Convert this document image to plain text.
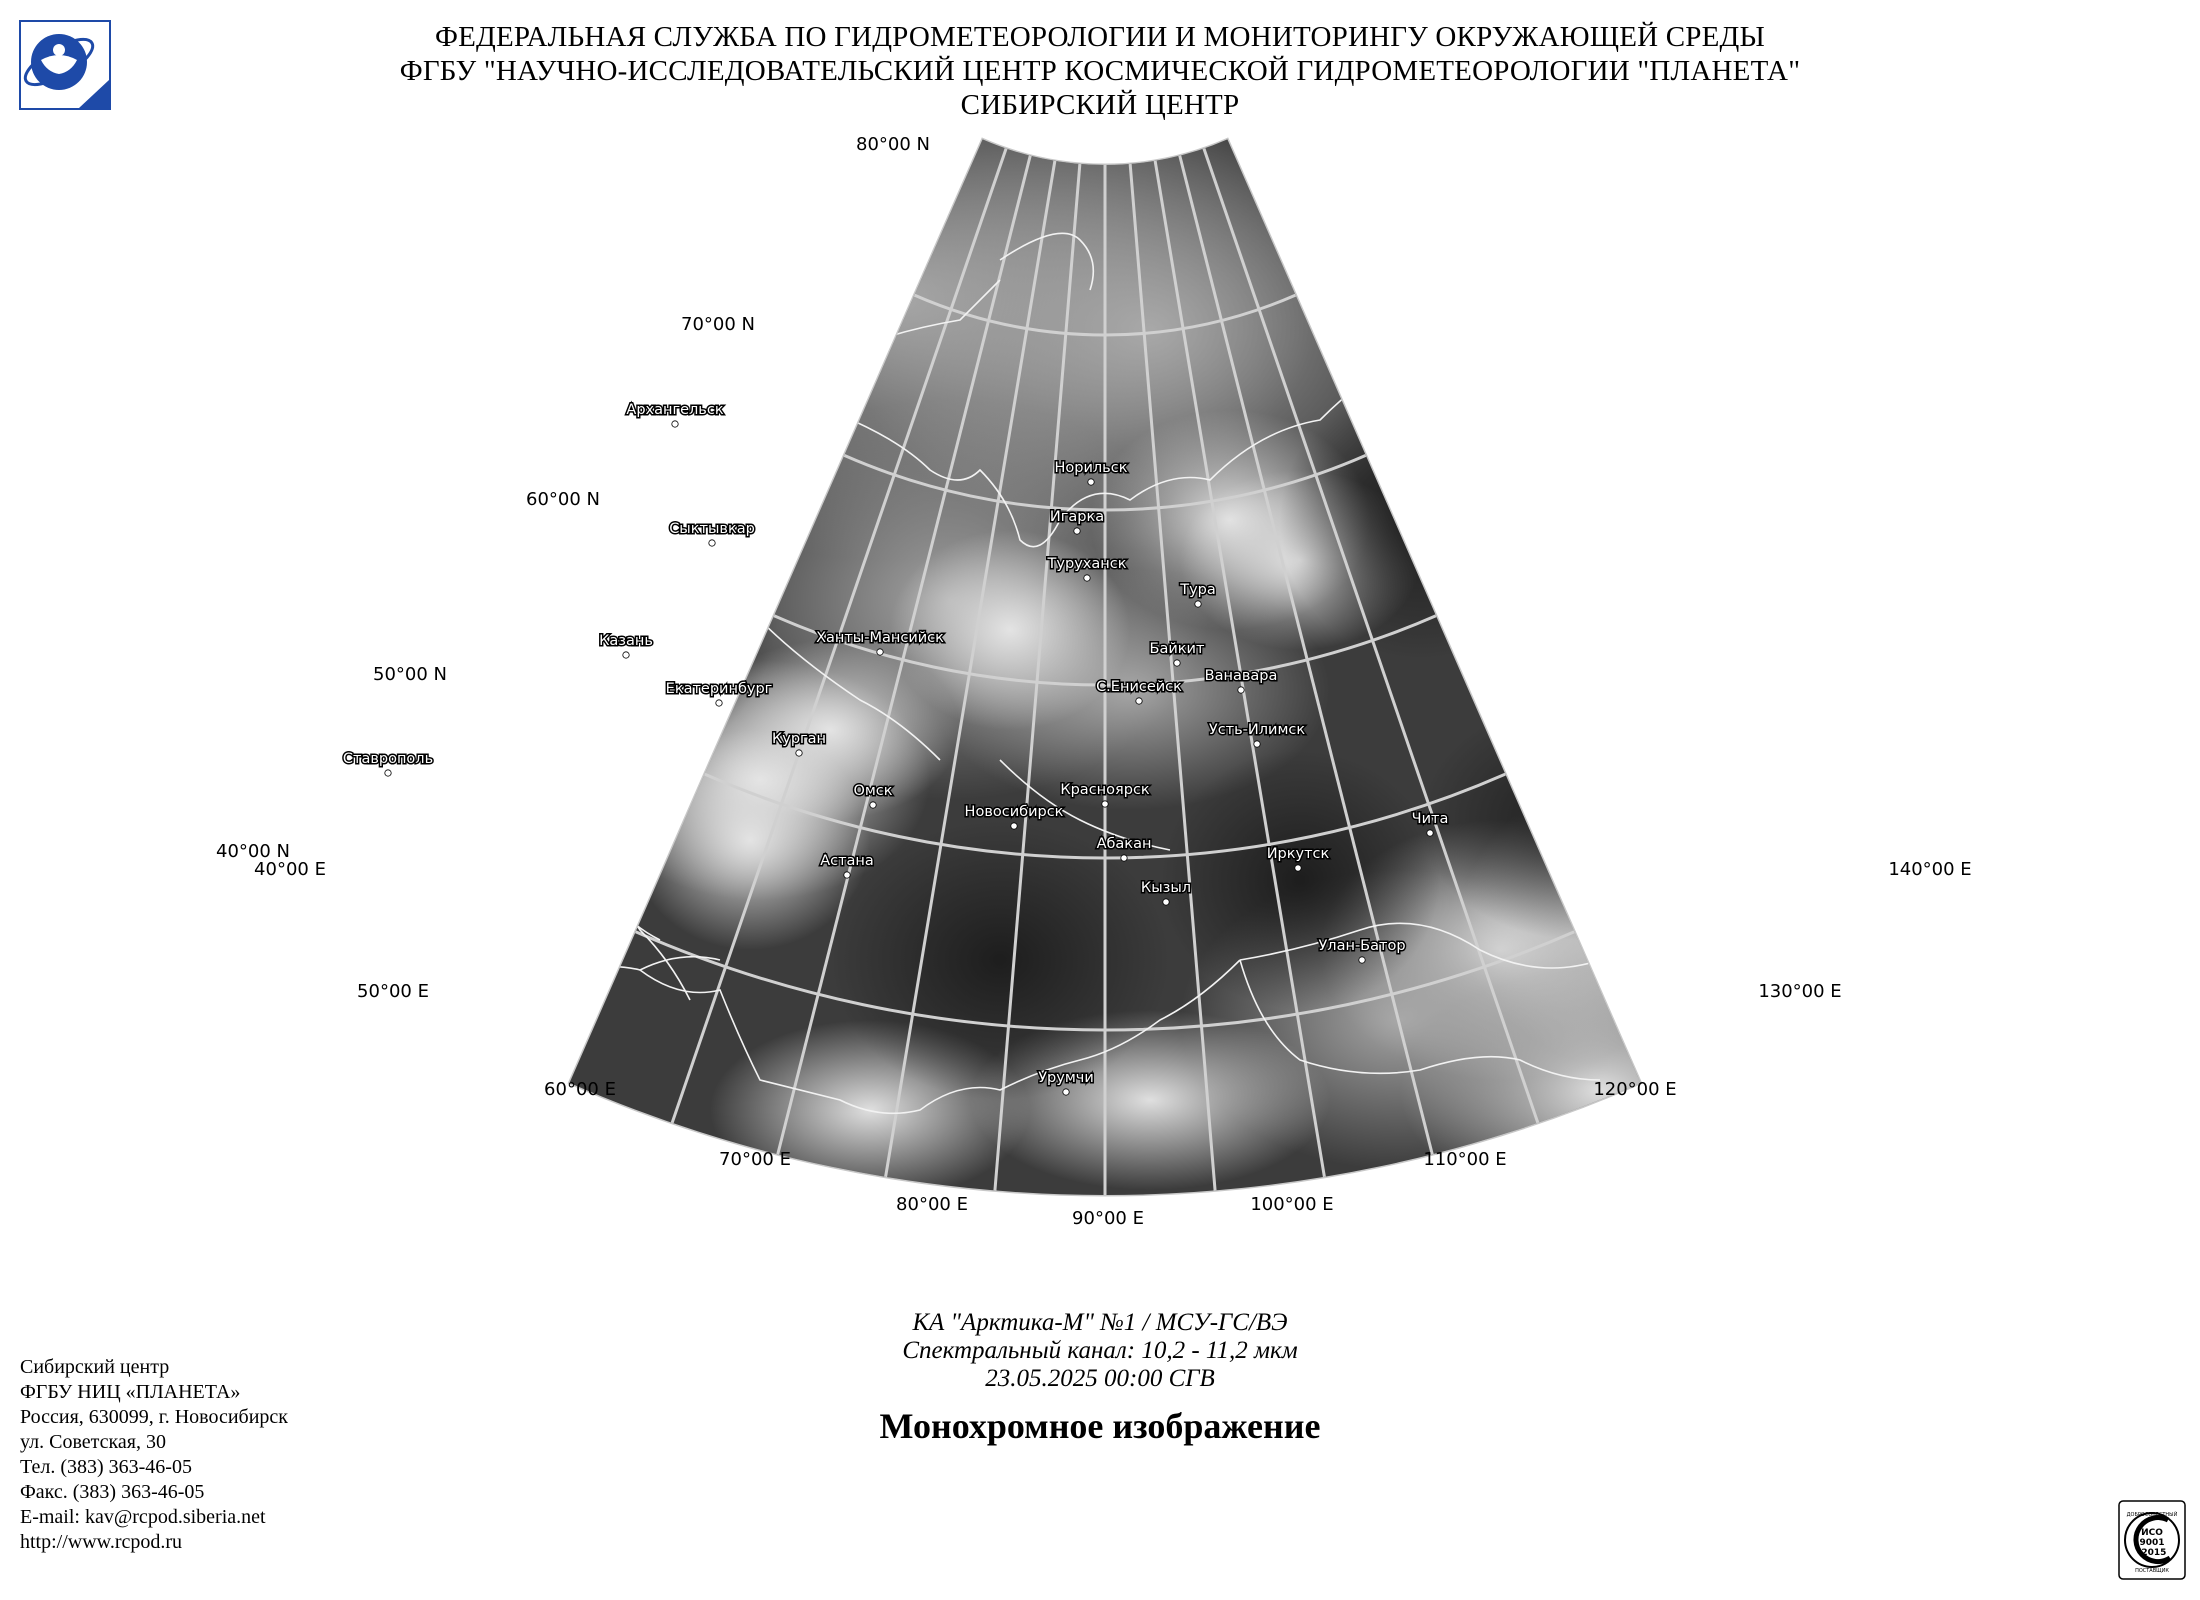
ФЕДЕРАЛЬНАЯ СЛУЖБА ПО ГИДРОМЕТЕОРОЛОГИИ И МОНИТОРИНГУ ОКРУЖАЮЩЕЙ СРЕДЫ
ФГБУ "НАУЧНО-ИССЛЕДОВАТЕЛЬСКИЙ ЦЕНТР КОСМИЧЕСКОЙ ГИДРОМЕТЕОРОЛОГИИ "ПЛАНЕТА"
СИБИРСКИЙ ЦЕНТР
80°00 N
70°00 N
60°00 N
50°00 N
40°00 N
40°00 E
50°00 E
60°00 E
70°00 E
80°00 E
90°00 E
100°00 E
110°00 E
120°00 E
130°00 E
140°00 E
Архангельск
Сыктывкар
Казань
Ставрополь
Екатеринбург
Ханты-Мансийск
Курган
Омск
Астана
Новосибирск
Норильск
Игарка
Туруханск
Тура
Байкит
С.Енисейск
Ванавара
Усть-Илимск
Красноярск
Абакан
Кызыл
Иркутск
Чита
Улан-Батор
Урумчи
КА "Арктика-М" №1 / МСУ-ГС/ВЭ
Спектральный канал: 10,2 - 11,2 мкм
23.05.2025 00:00 СГВ
Монохромное изображение
Сибирский центр
ФГБУ НИЦ «ПЛАНЕТА»
Россия, 630099, г. Новосибирск
ул. Советская, 30
Тел. (383) 363-46-05
Факс. (383) 363-46-05
E-mail: kav@rcpod.siberia.net
http://www.rcpod.ru
ДОБРОСОВЕСТНЫЙ
ИСО
9001
-2015
ПОСТАВЩИК
